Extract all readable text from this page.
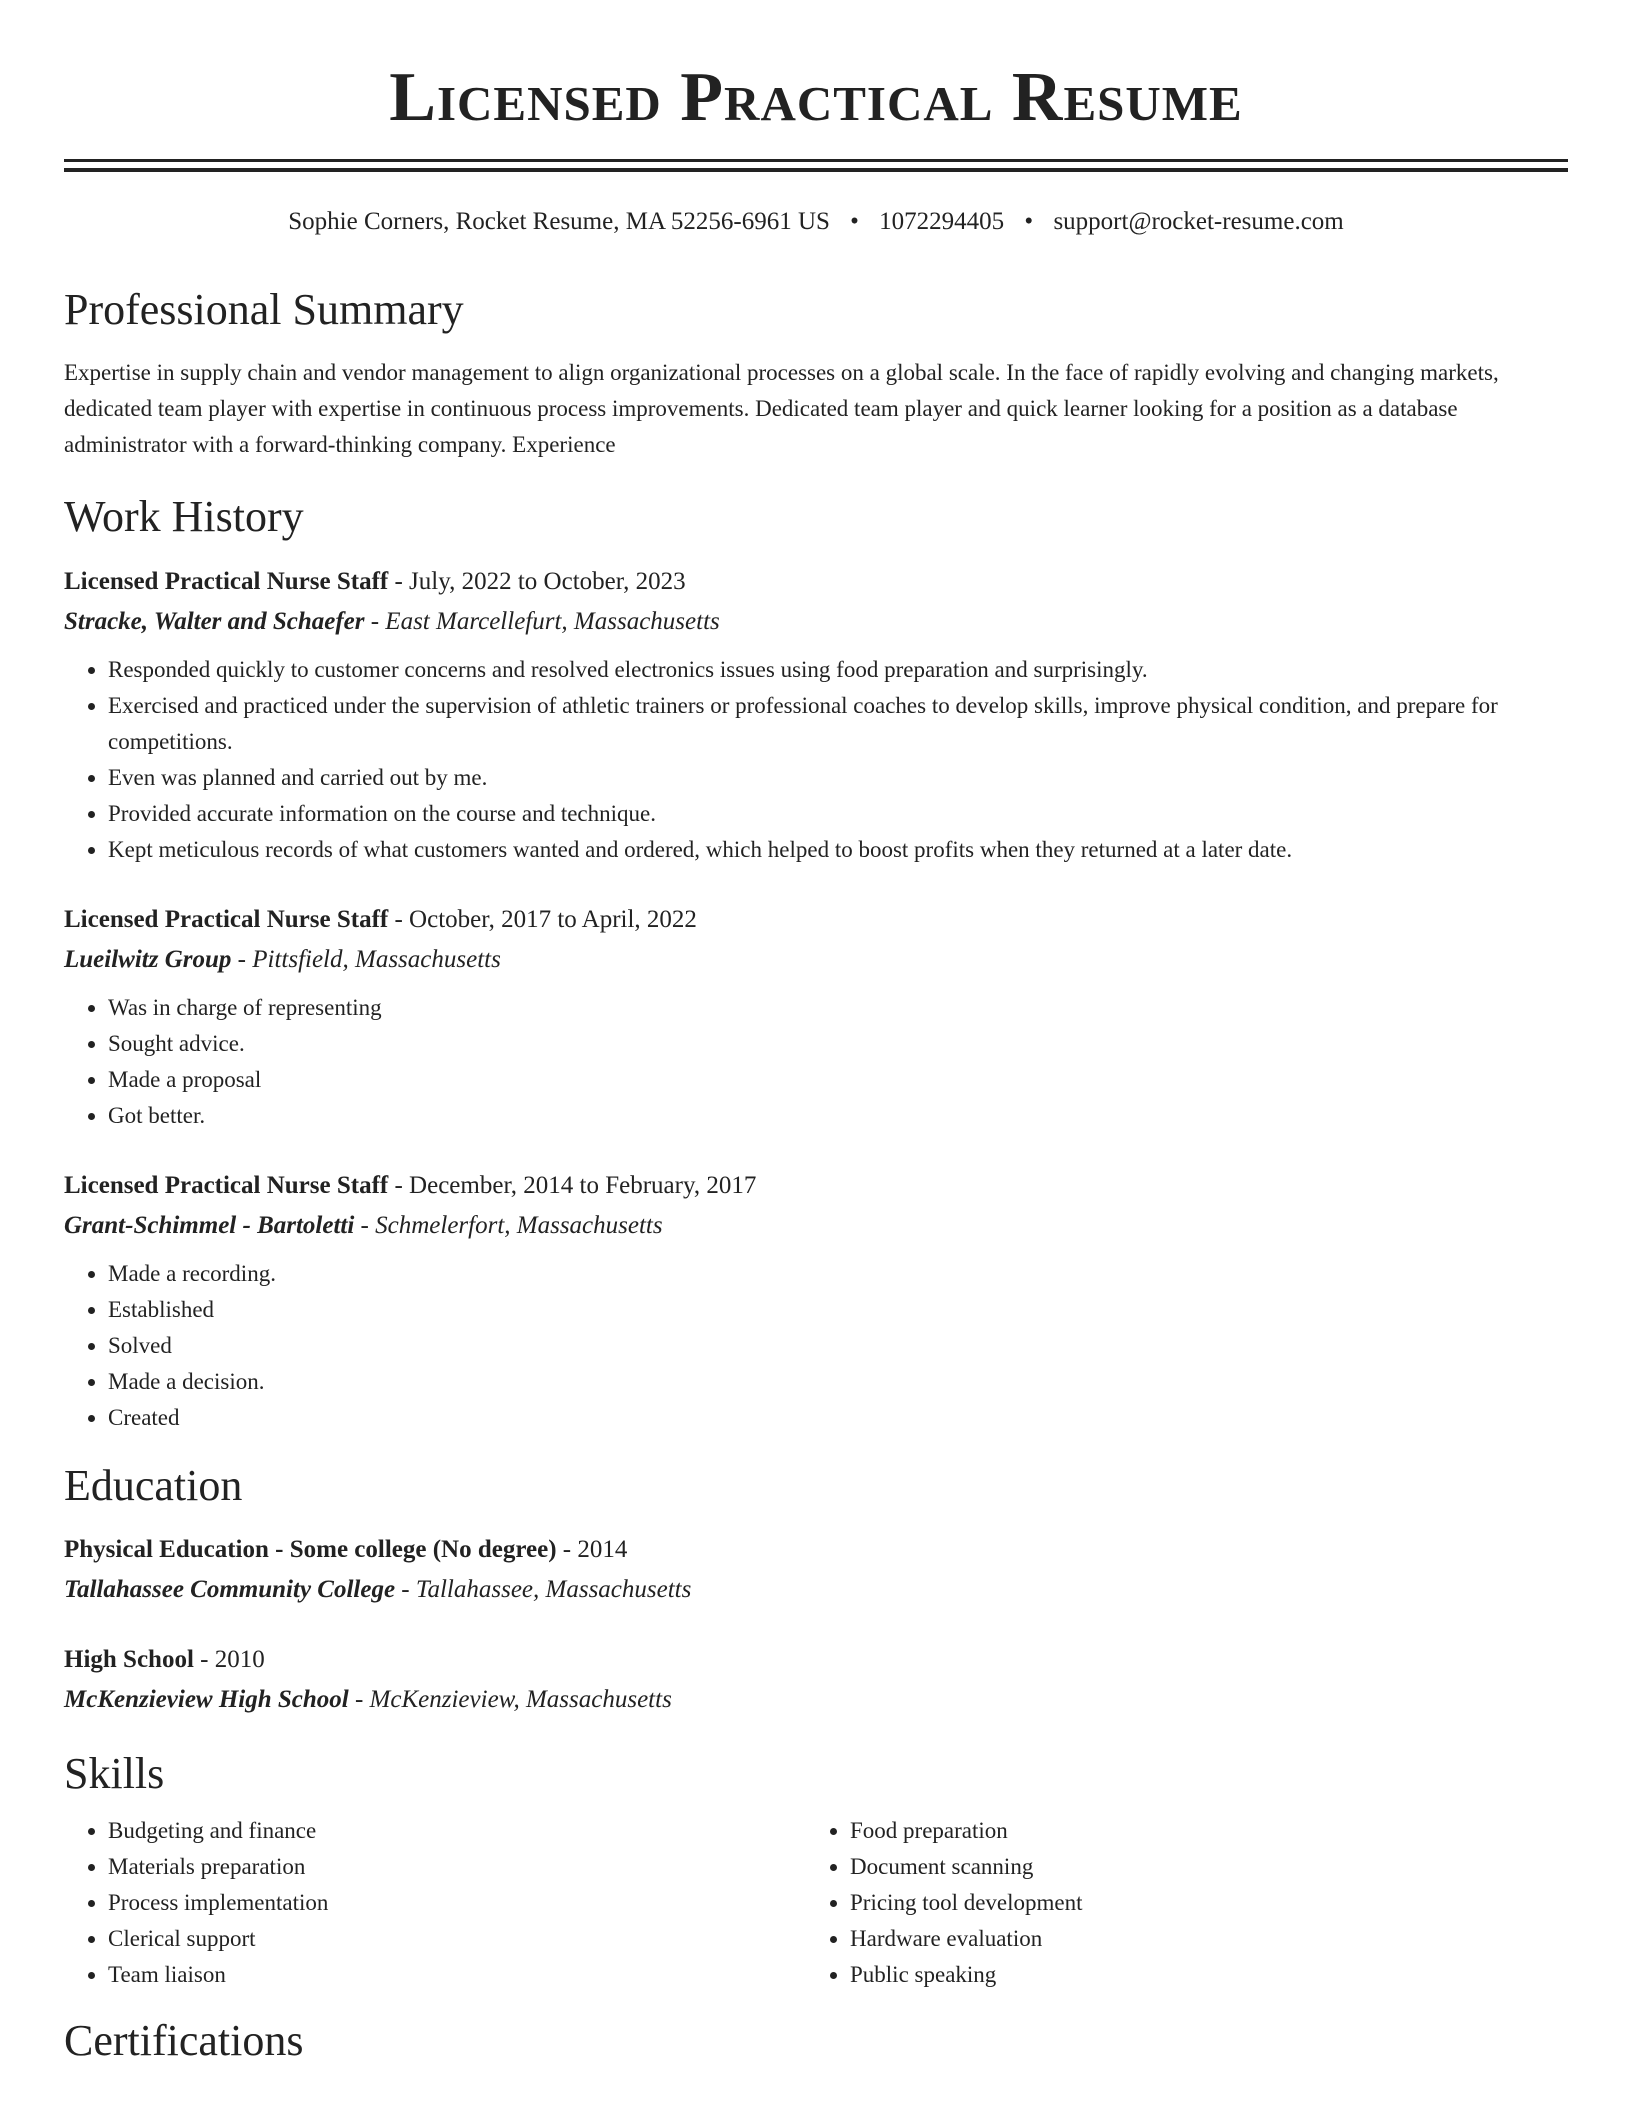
Licensed Practical Resume
Sophie Corners, Rocket Resume, MA 52256-6961 US • 1072294405 • support@rocket-resume.com
Professional Summary
Expertise in supply chain and vendor management to align organizational processes on a global scale. In the face of rapidly evolving and changing markets, dedicated team player with expertise in continuous process improvements. Dedicated team player and quick learner looking for a position as a database administrator with a forward-thinking company. Experience
Work History
Licensed Practical Nurse Staff - July, 2022 to October, 2023
Stracke, Walter and Schaefer - East Marcellefurt, Massachusetts
• Responded quickly to customer concerns and resolved electronics issues using food preparation and surprisingly.
• Exercised and practiced under the supervision of athletic trainers or professional coaches to develop skills, improve physical condition, and prepare for competitions.
• Even was planned and carried out by me.
• Provided accurate information on the course and technique.
• Kept meticulous records of what customers wanted and ordered, which helped to boost profits when they returned at a later date.
Licensed Practical Nurse Staff - October, 2017 to April, 2022
Lueilwitz Group - Pittsfield, Massachusetts
• Was in charge of representing
• Sought advice.
• Made a proposal
• Got better.
Licensed Practical Nurse Staff - December, 2014 to February, 2017
Grant-Schimmel - Bartoletti - Schmelerfort, Massachusetts
• Made a recording.
• Established
• Solved
• Made a decision.
• Created
Education
Physical Education - Some college (No degree) - 2014
Tallahassee Community College - Tallahassee, Massachusetts
High School - 2010
McKenzieview High School - McKenzieview, Massachusetts
Skills
• Budgeting and finance
• Materials preparation
• Process implementation
• Clerical support
• Team liaison
• Food preparation
• Document scanning
• Pricing tool development
• Hardware evaluation
• Public speaking
Certifications
